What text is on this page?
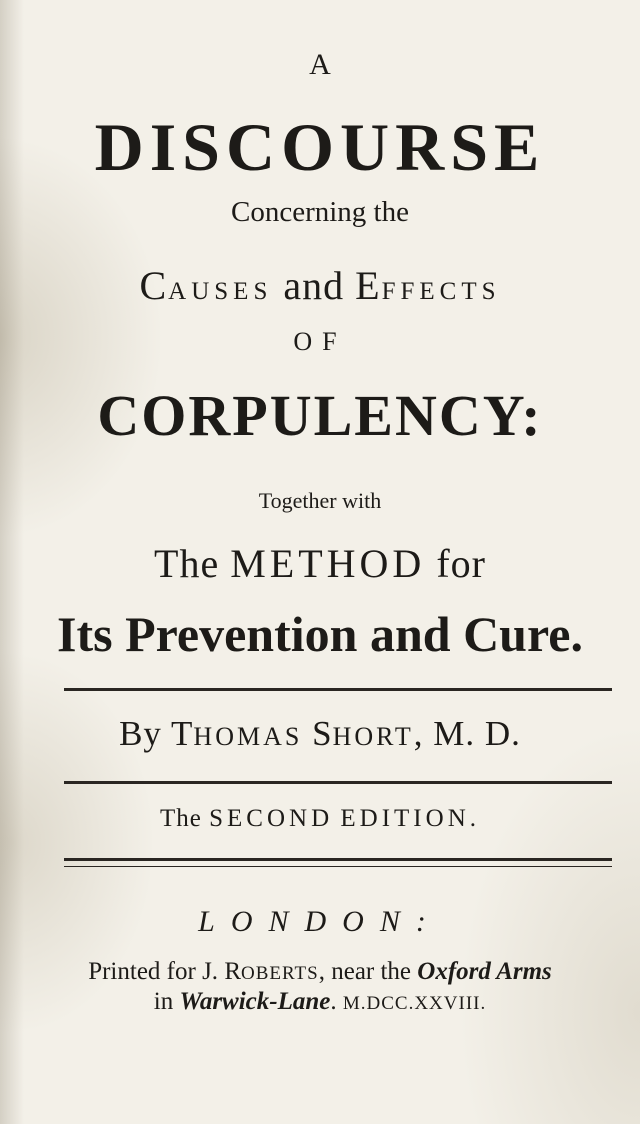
A
DISCOURSE
Concerning the
CAUSES and EFFECTS
OF
CORPULENCY:
Together with
The METHOD for
Its Prevention and Cure.
By THOMAS SHORT, M. D.
The SECOND EDITION.
LONDON:
Printed for J. ROBERTS, near the Oxford Arms
in Warwick-Lane. M.DCC.XXVIII.
